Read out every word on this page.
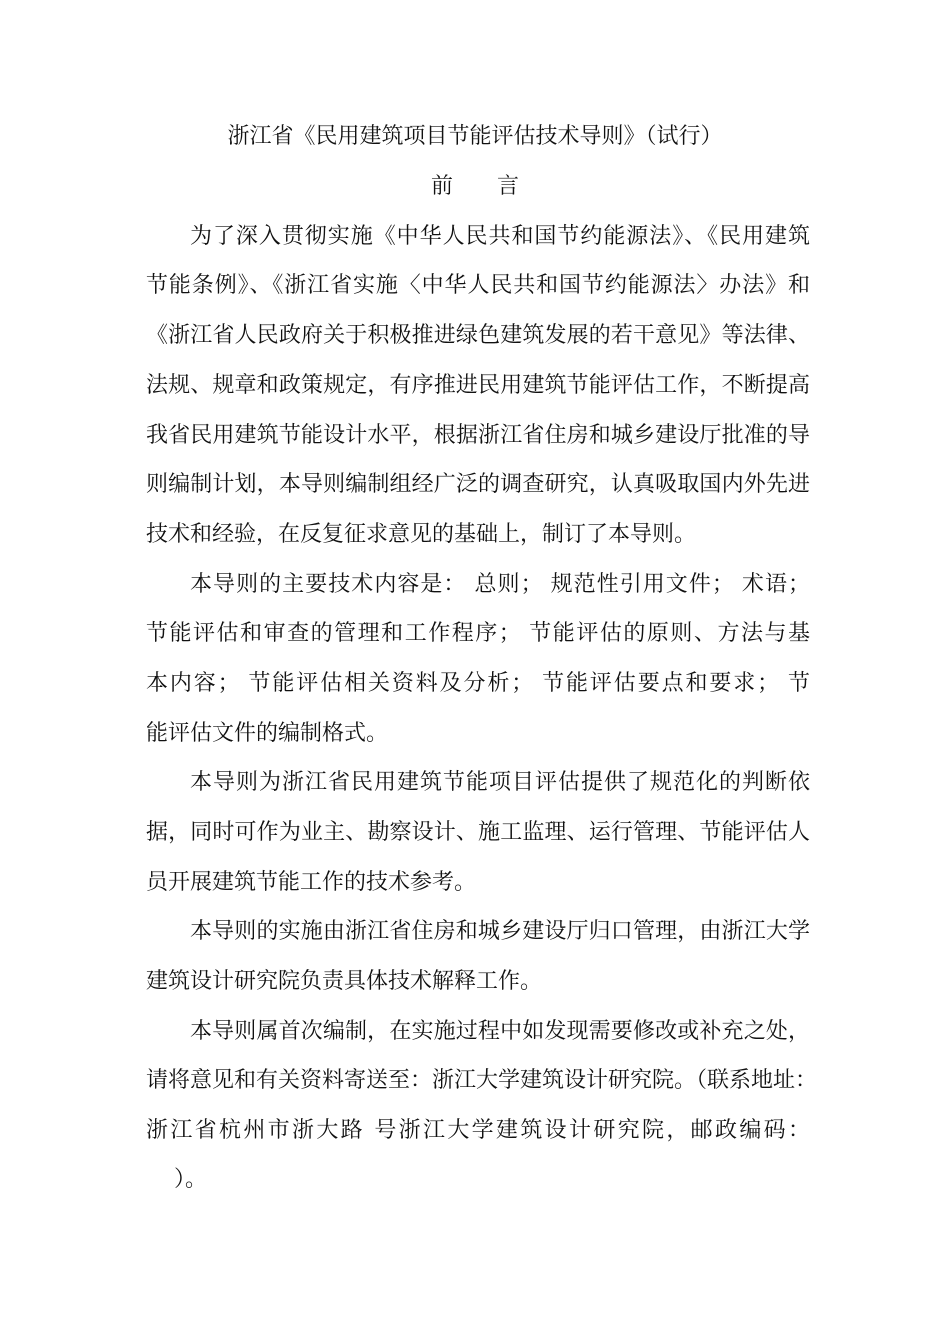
浙江省《民用建筑项目节能评估技术导则》（试行）
前言
为了深入贯彻实施《中华人民共和国节约能源法》、《民用建筑
节能条例》、《浙江省实施〈中华人民共和国节约能源法〉办法》和
《浙江省人民政府关于积极推进绿色建筑发展的若干意见》等法律、
法规、规章和政策规定，有序推进民用建筑节能评估工作，不断提高
我省民用建筑节能设计水平，根据浙江省住房和城乡建设厅批准的导
则编制计划，本导则编制组经广泛的调查研究，认真吸取国内外先进
技术和经验，在反复征求意见的基础上，制订了本导则。
本导则的主要技术内容是： 总则； 规范性引用文件； 术语；
节能评估和审查的管理和工作程序； 节能评估的原则、方法与基
本内容； 节能评估相关资料及分析； 节能评估要点和要求； 节
能评估文件的编制格式。
本导则为浙江省民用建筑节能项目评估提供了规范化的判断依
据，同时可作为业主、勘察设计、施工监理、运行管理、节能评估人
员开展建筑节能工作的技术参考。
本导则的实施由浙江省住房和城乡建设厅归口管理，由浙江大学
建筑设计研究院负责具体技术解释工作。
本导则属首次编制，在实施过程中如发现需要修改或补充之处，
请将意见和有关资料寄送至：浙江大学建筑设计研究院。（联系地址：
浙江省杭州市浙大路 号浙江大学建筑设计研究院，邮政编码：
）。
